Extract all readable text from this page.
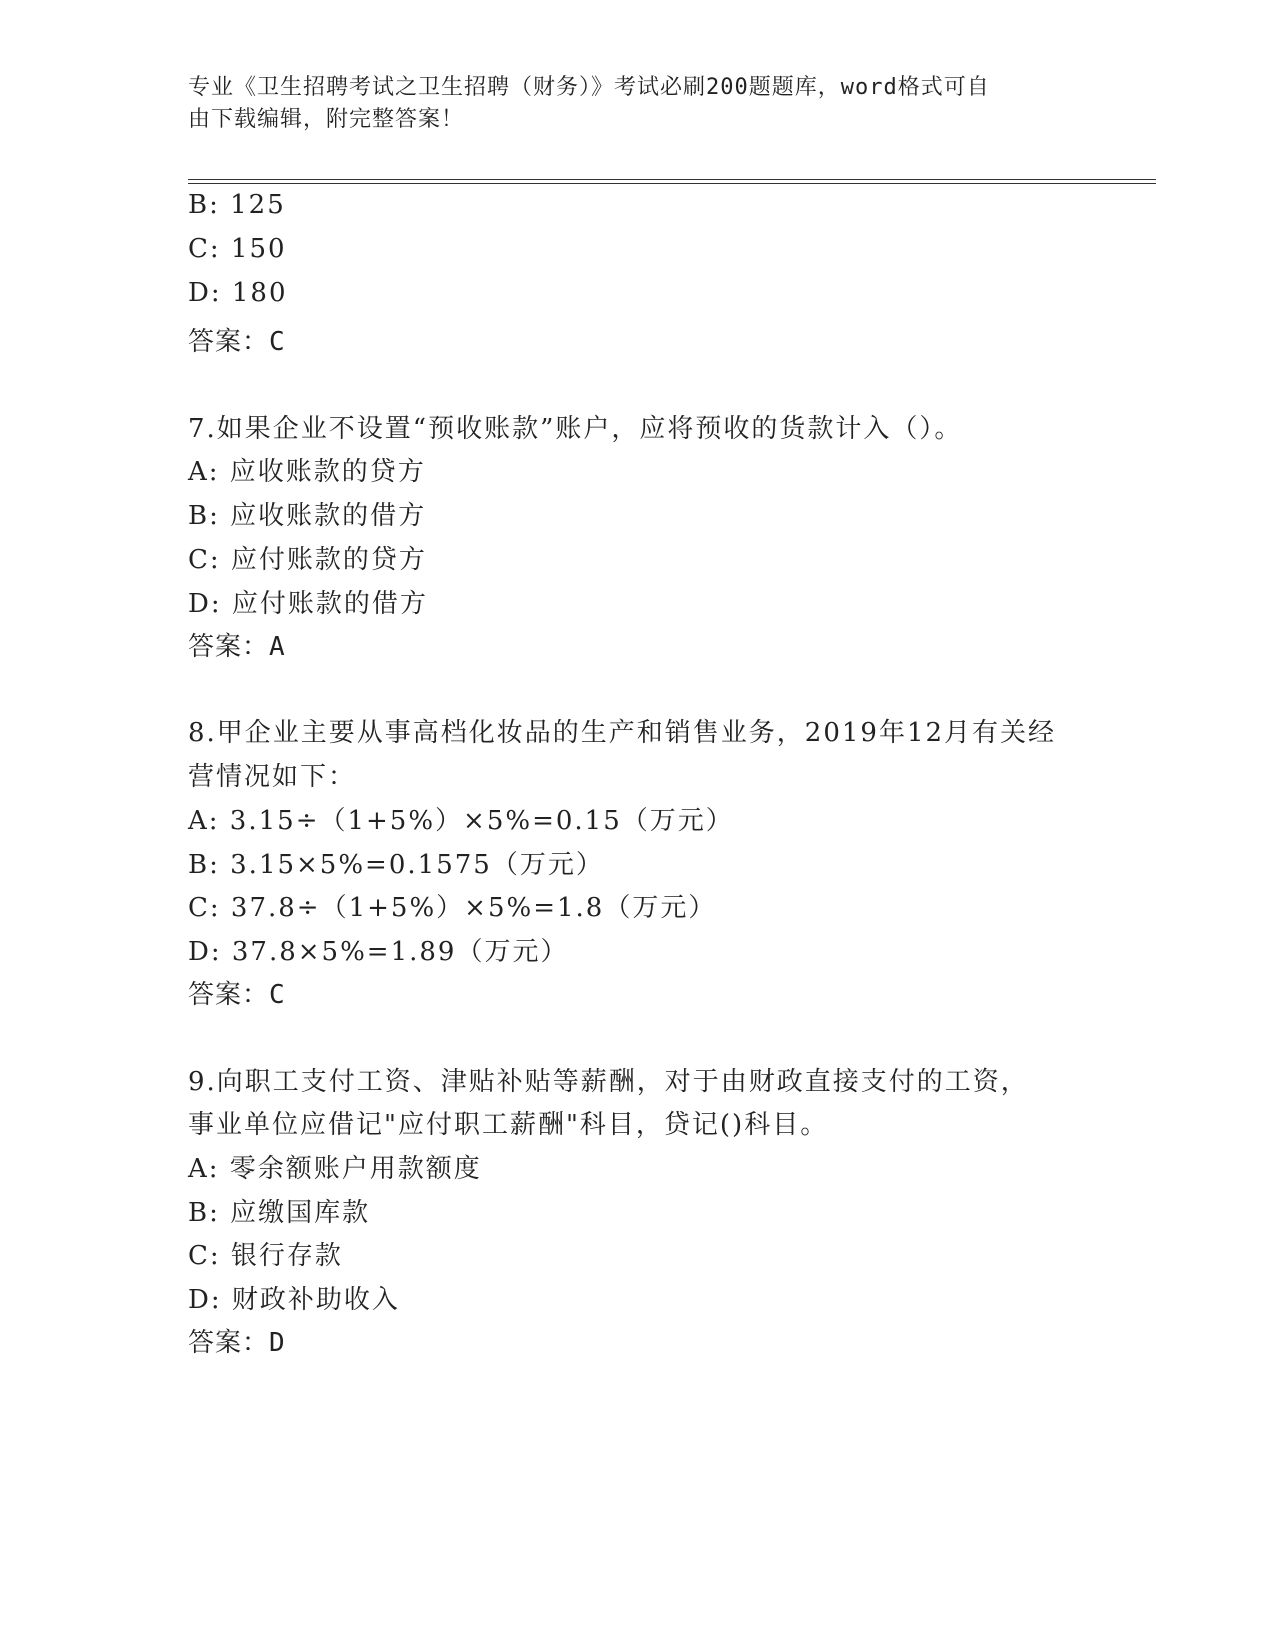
专业《卫生招聘考试之卫生招聘（财务）》考试必刷200题题库，word格式可自
由下载编辑，附完整答案！
B: 125
C: 150
D: 180
答案：C
7.如果企业不设置“预收账款”账户，应将预收的货款计入（）。
A: 应收账款的贷方
B: 应收账款的借方
C: 应付账款的贷方
D: 应付账款的借方
答案：A
8.甲企业主要从事高档化妆品的生产和销售业务，2019年12月有关经
营情况如下：
A: 3.15÷（1+5%）×5%=0.15（万元）
B: 3.15×5%=0.1575（万元）
C: 37.8÷（1+5%）×5%=1.8（万元）
D: 37.8×5%=1.89（万元）
答案：C
9.向职工支付工资、津贴补贴等薪酬，对于由财政直接支付的工资，
事业单位应借记"应付职工薪酬"科目，贷记()科目。
A: 零余额账户用款额度
B: 应缴国库款
C: 银行存款
D: 财政补助收入
答案：D
